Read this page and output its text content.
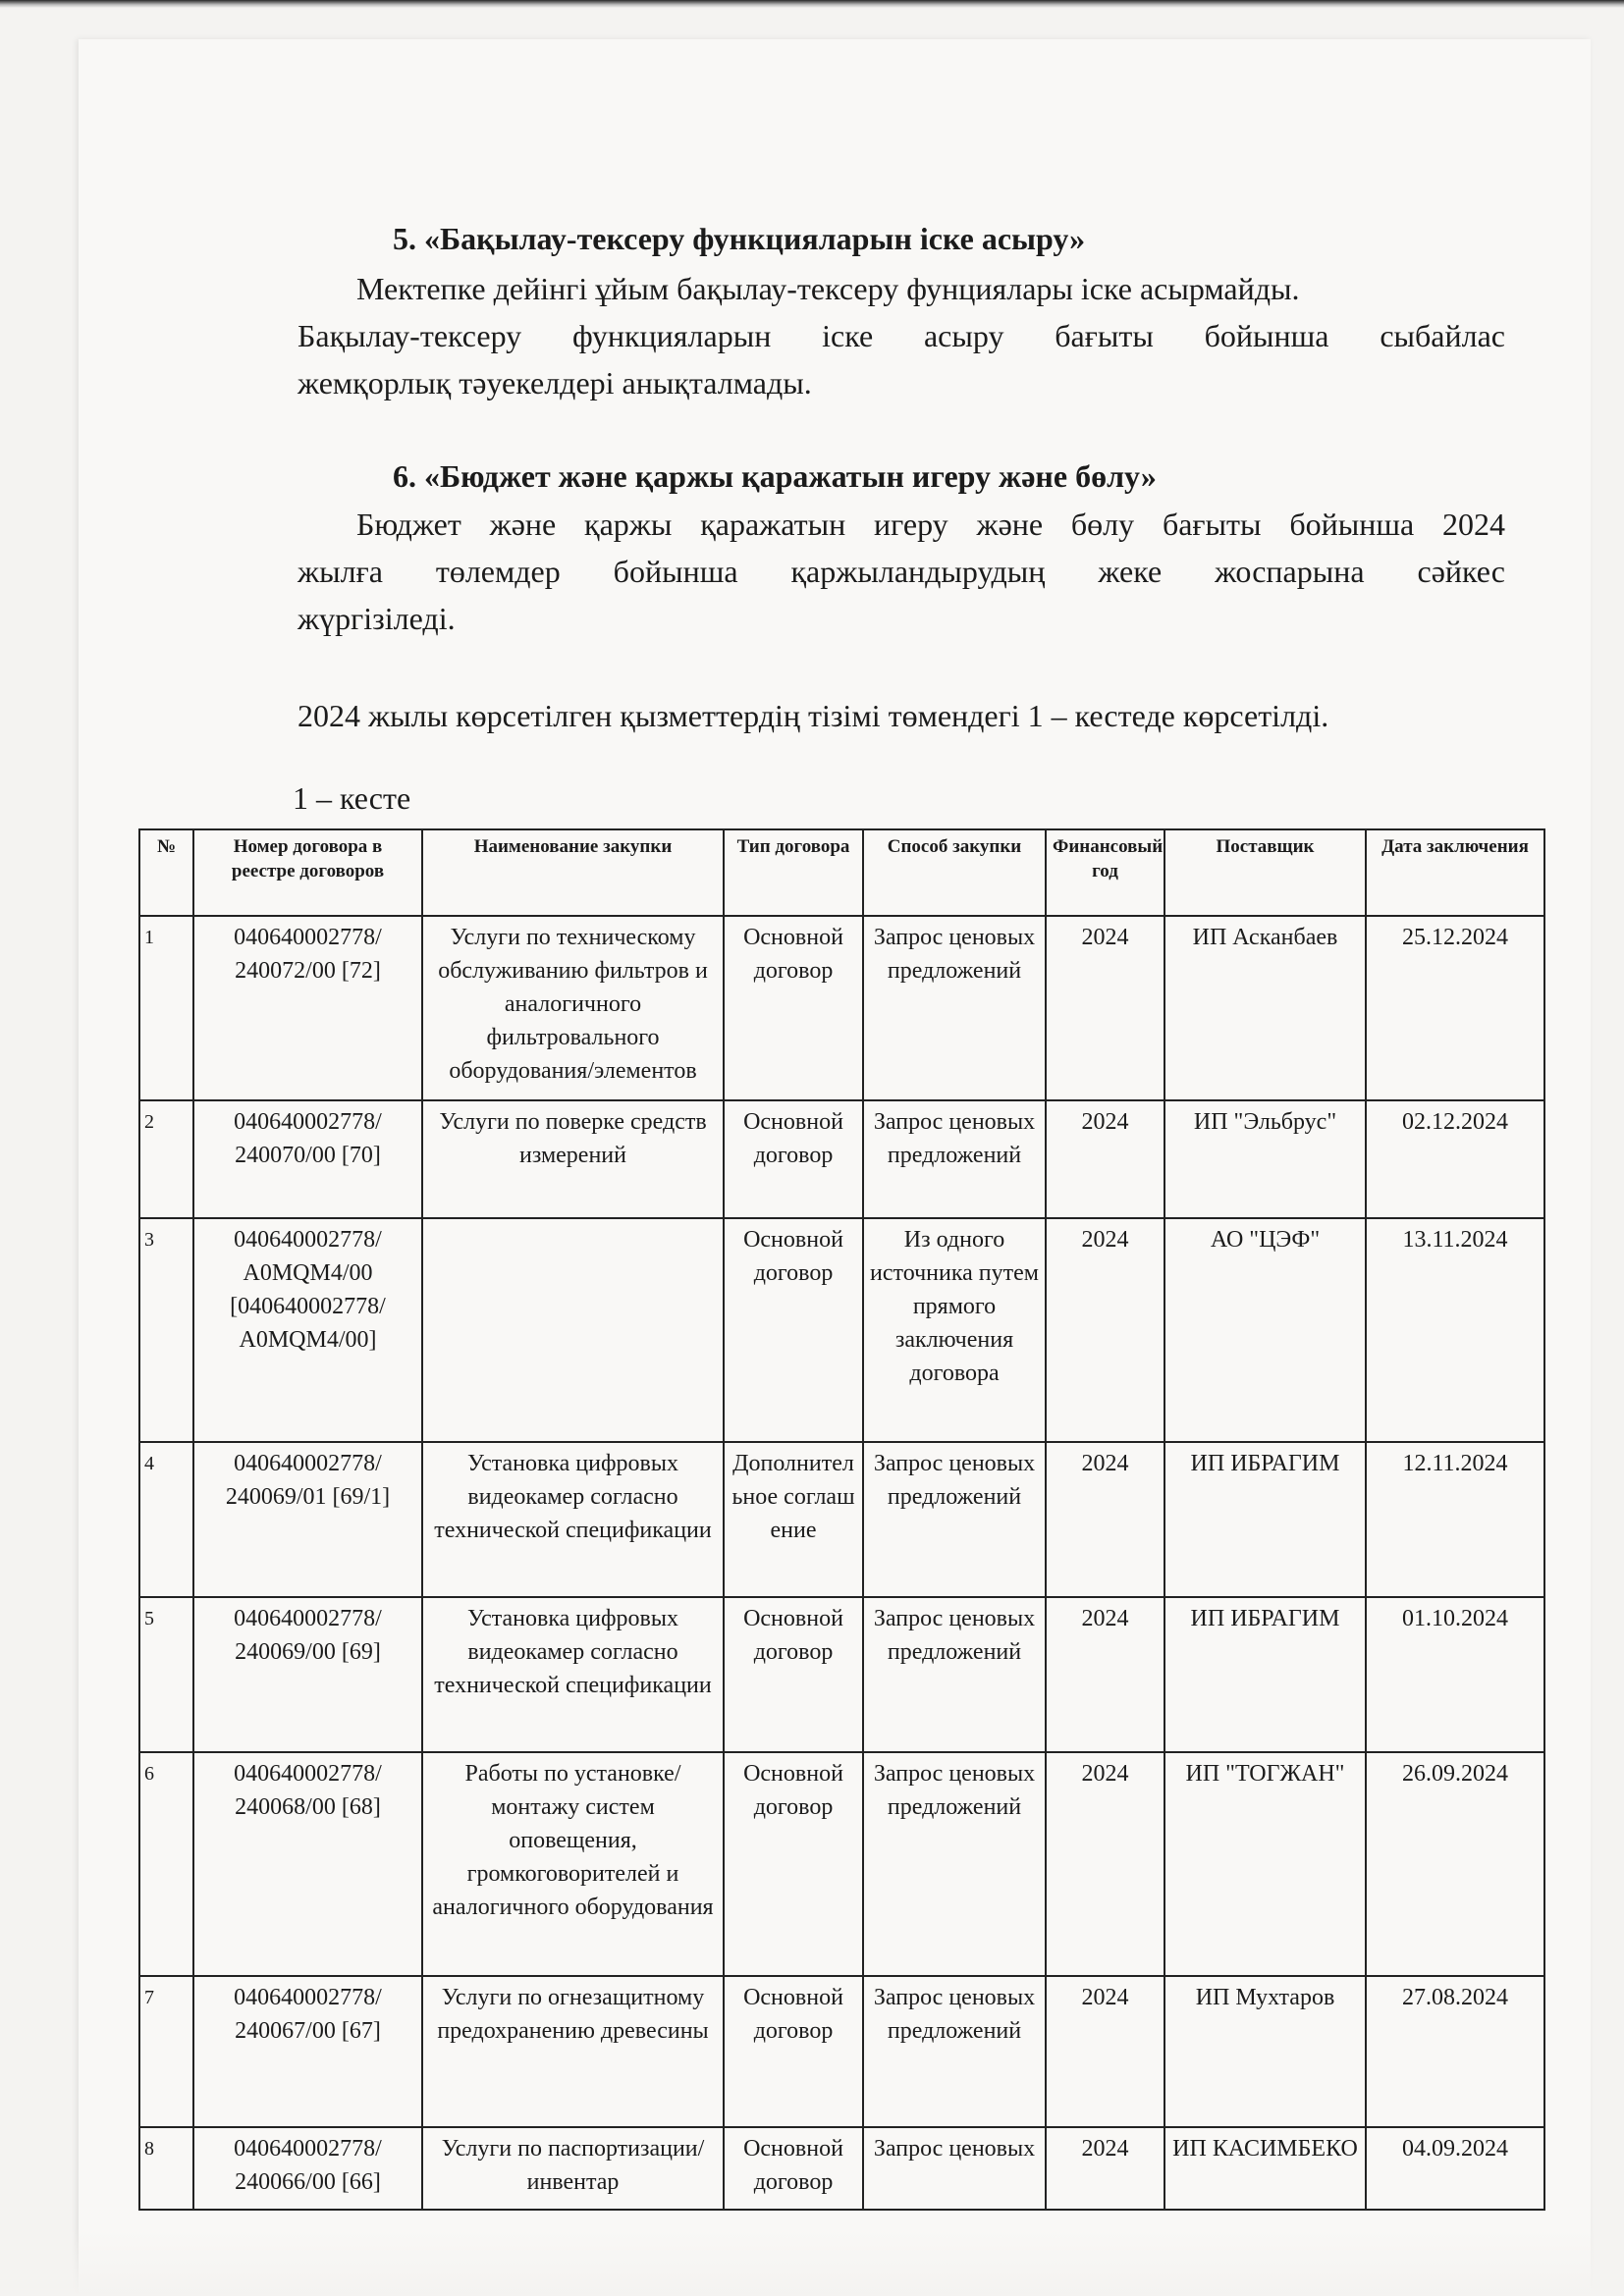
5. «Бақылау-тексеру функцияларын іске асыру»
Мектепке дейінгі ұйым бақылау-тексеру фунциялары іске асырмайды.
Бақылау-тексеру функцияларын іске асыру бағыты бойынша сыбайлас
жемқорлық тәуекелдері анықталмады.
6. «Бюджет және қаржы қаражатын игеру және бөлу»
Бюджет және қаржы қаражатын игеру және бөлу бағыты бойынша 2024
жылға төлемдер бойынша қаржыландырудың жеке жоспарына сәйкес
жүргізіледі.
2024 жылы көрсетілген қызметтердің тізімі төмендегі 1 – кестеде көрсетілді.
1 – кесте
№	Номер договора в реестре договоров	Наименование закупки	Тип договора	Способ закупки	Финансовый год	Поставщик	Дата заключения
1	040640002778/ 240072/00 [72]	Услуги по техническому обслуживанию фильтров и аналогичного фильтровального оборудования/элементов	Основной договор	Запрос ценовых предложений	2024	ИП Асканбаев	25.12.2024
2	040640002778/ 240070/00 [70]	Услуги по поверке средств измерений	Основной договор	Запрос ценовых предложений	2024	ИП "Эльбрус"	02.12.2024
3	040640002778/ A0MQM4/00 [040640002778/ A0MQM4/00]		Основной договор	Из одного источника путем прямого заключения договора	2024	АО "ЦЭФ"	13.11.2024
4	040640002778/ 240069/01 [69/1]	Установка цифровых видеокамер согласно технической спецификации	Дополнительное соглашение	Запрос ценовых предложений	2024	ИП ИБРАГИМ	12.11.2024
5	040640002778/ 240069/00 [69]	Установка цифровых видеокамер согласно технической спецификации	Основной договор	Запрос ценовых предложений	2024	ИП ИБРАГИМ	01.10.2024
6	040640002778/ 240068/00 [68]	Работы по установке/монтажу систем оповещения, громкоговорителей и аналогичного оборудования	Основной договор	Запрос ценовых предложений	2024	ИП "ТОГЖАН"	26.09.2024
7	040640002778/ 240067/00 [67]	Услуги по огнезащитному предохранению древесины	Основной договор	Запрос ценовых предложений	2024	ИП Мухтаров	27.08.2024
8	040640002778/ 240066/00 [66]	Услуги по паспортизации/инвентар	Основной договор	Запрос ценовых	2024	ИП КАСИМБЕКО	04.09.2024
